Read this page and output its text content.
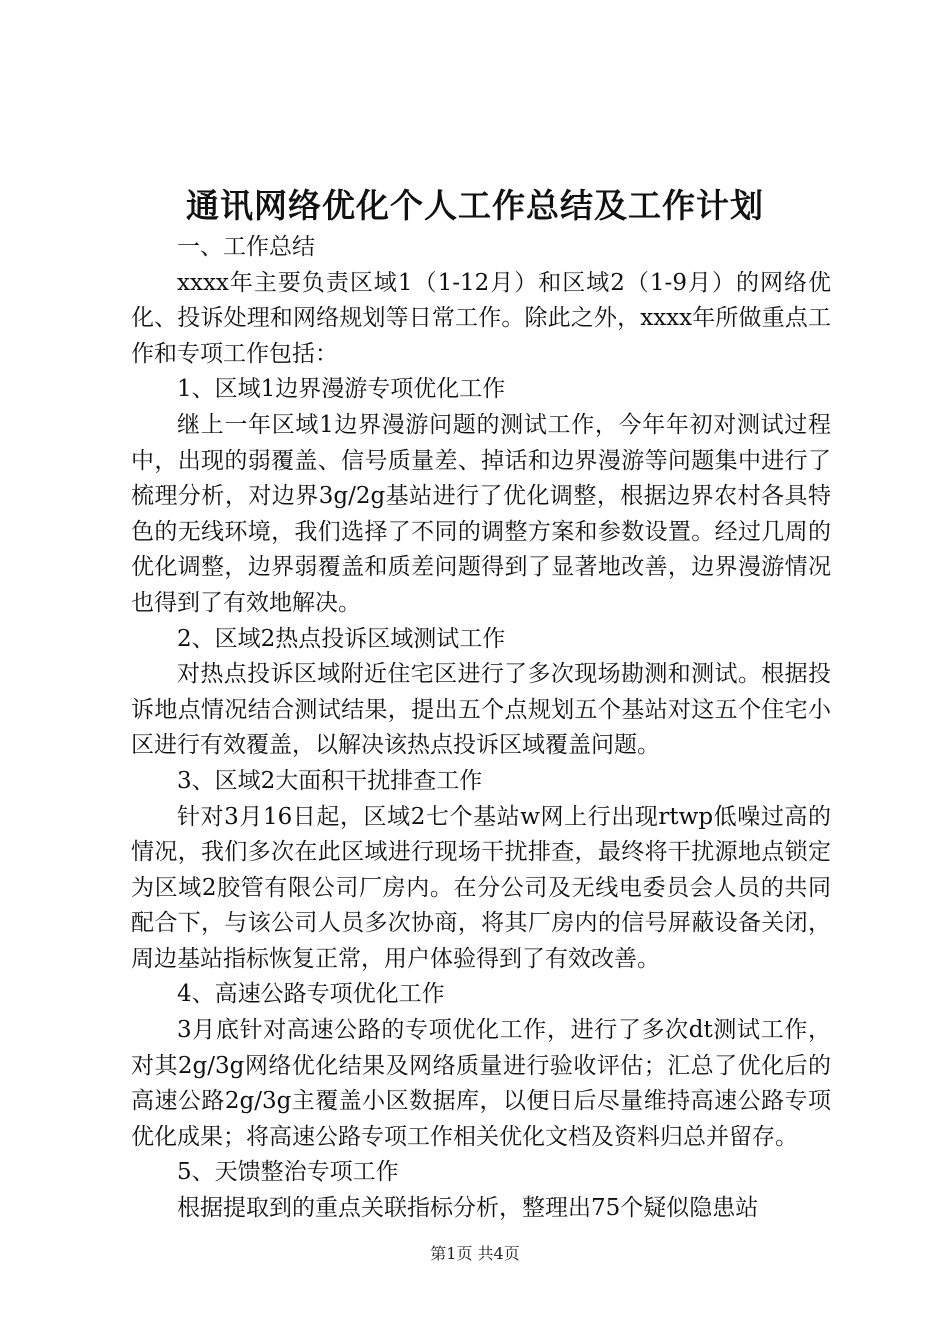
通讯网络优化个人工作总结及工作计划

一、工作总结

xxxx年主要负责区域1（1-12月）和区域2（1-9月）的网络优化、投诉处理和网络规划等日常工作。除此之外，xxxx年所做重点工作和专项工作包括：

1、区域1边界漫游专项优化工作

继上一年区域1边界漫游问题的测试工作，今年年初对测试过程中，出现的弱覆盖、信号质量差、掉话和边界漫游等问题集中进行了梳理分析，对边界3g/2g基站进行了优化调整，根据边界农村各具特色的无线环境，我们选择了不同的调整方案和参数设置。经过几周的优化调整，边界弱覆盖和质差问题得到了显著地改善，边界漫游情况也得到了有效地解决。

2、区域2热点投诉区域测试工作

对热点投诉区域附近住宅区进行了多次现场勘测和测试。根据投诉地点情况结合测试结果，提出五个点规划五个基站对这五个住宅小区进行有效覆盖，以解决该热点投诉区域覆盖问题。

3、区域2大面积干扰排查工作

针对3月16日起，区域2七个基站w网上行出现rtwp低噪过高的情况，我们多次在此区域进行现场干扰排查，最终将干扰源地点锁定为区域2胶管有限公司厂房内。在分公司及无线电委员会人员的共同配合下，与该公司人员多次协商，将其厂房内的信号屏蔽设备关闭，周边基站指标恢复正常，用户体验得到了有效改善。

4、高速公路专项优化工作

3月底针对高速公路的专项优化工作，进行了多次dt测试工作，对其2g/3g网络优化结果及网络质量进行验收评估；汇总了优化后的高速公路2g/3g主覆盖小区数据库，以便日后尽量维持高速公路专项优化成果；将高速公路专项工作相关优化文档及资料归总并留存。

5、天馈整治专项工作

根据提取到的重点关联指标分析，整理出75个疑似隐患站

第1页 共4页
